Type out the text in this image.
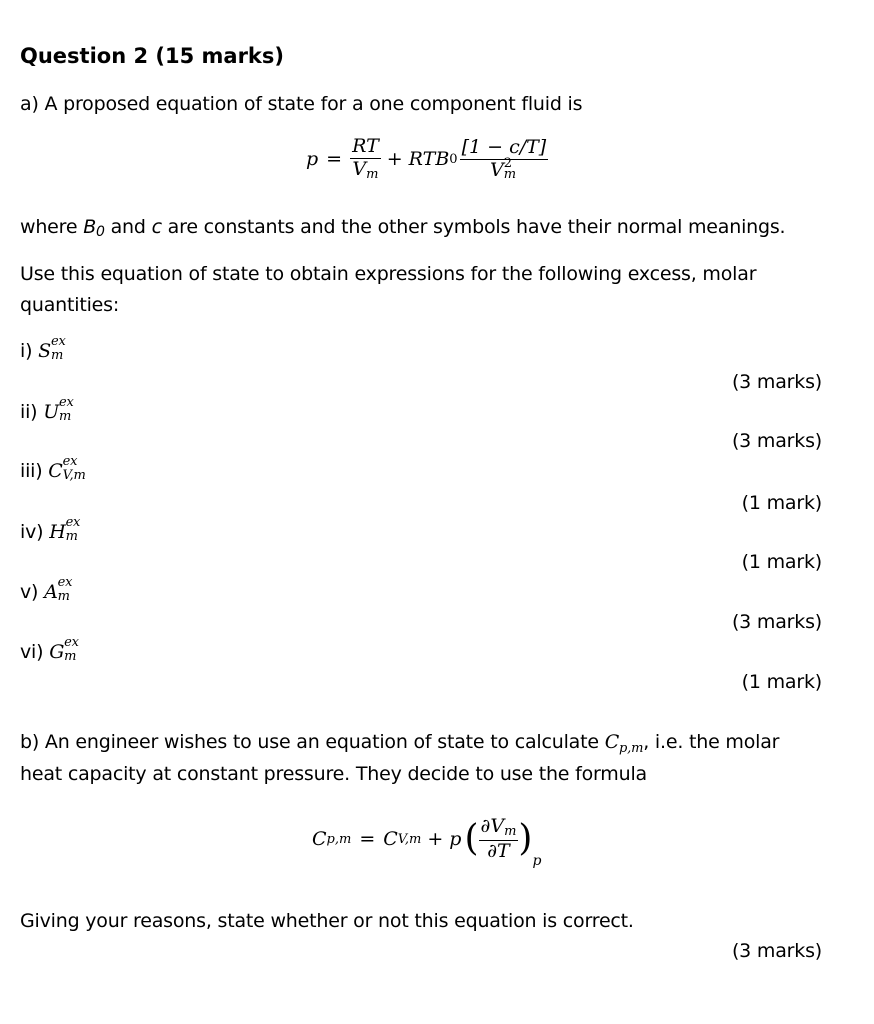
Question 2 (15 marks)
a) A proposed equation of state for a one component fluid is
$p = \frac{RT}{Vm}$ + RTB 0 [1 − c/T]
V 2
m
where B0 and c are constants and the other symbols have their normal meanings.
Use this equation of state to obtain expressions for the following excess, molar
quantities:
i) S ex
m
(3 marks)
ii) U ex
m
(3 marks)
iii) C ex
V,m
(1 mark)
iv) H ex
m
(1 mark)
v) A ex
m
(3 marks)
vi) G ex
m
(1 mark)
b) An engineer wishes to use an equation of state to calculate $C_{p,m}$, i.e. the molar
heat capacity at constant pressure. They decide to use the formula
C p,m = C V,m + p ( $\frac{\partial Vm}{\partial T}$ )
p
Giving your reasons, state whether or not this equation is correct.
(3 marks)
